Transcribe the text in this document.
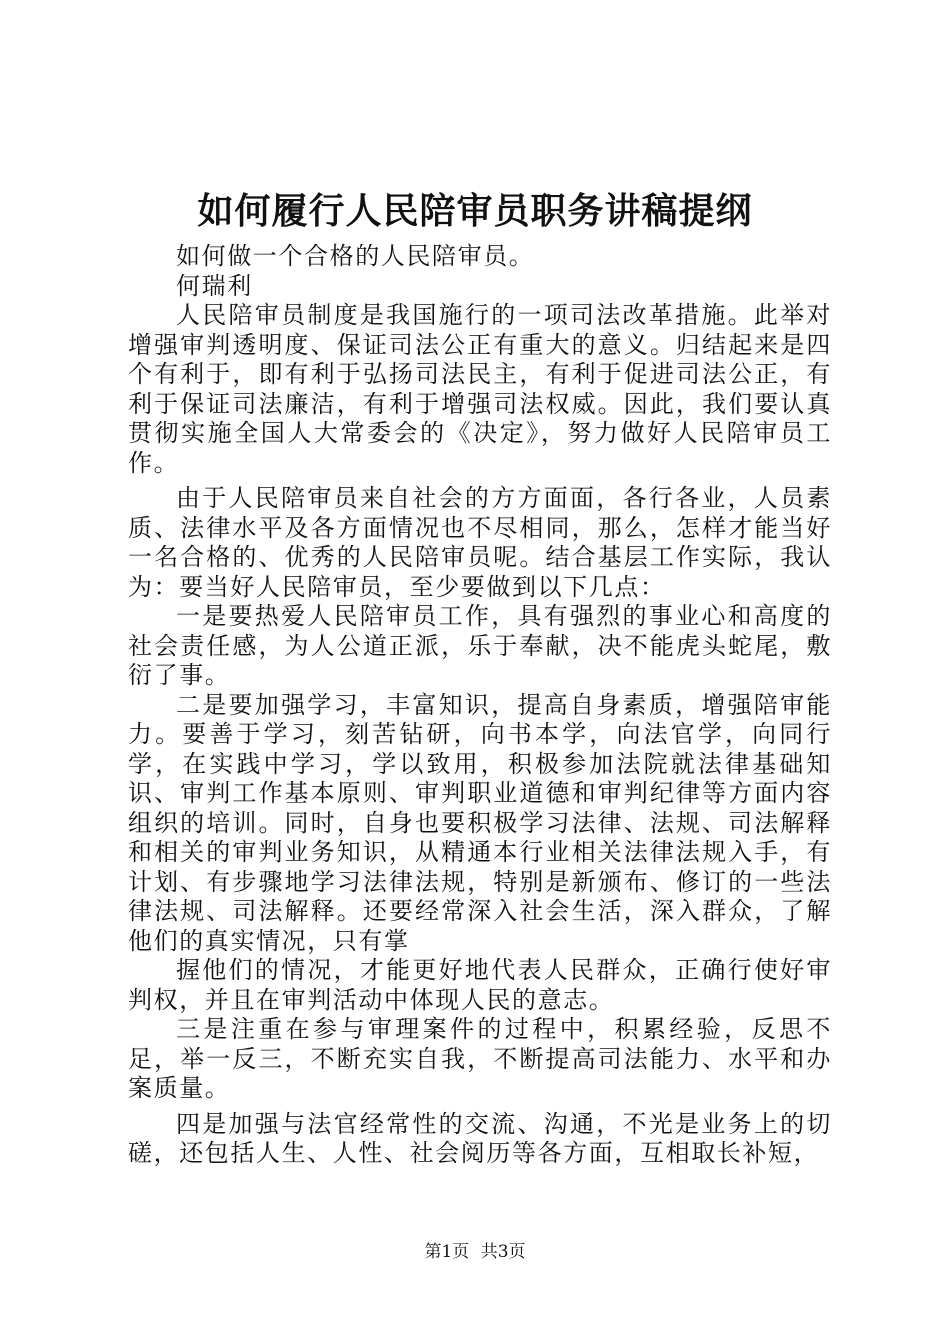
如何履行人民陪审员职务讲稿提纲

如何做一个合格的人民陪审员。

何瑞利

人民陪审员制度是我国施行的一项司法改革措施。此举对增强审判透明度、保证司法公正有重大的意义。归结起来是四个有利于，即有利于弘扬司法民主，有利于促进司法公正，有利于保证司法廉洁，有利于增强司法权威。因此，我们要认真贯彻实施全国人大常委会的《决定》，努力做好人民陪审员工作。

由于人民陪审员来自社会的方方面面，各行各业，人员素质、法律水平及各方面情况也不尽相同，那么，怎样才能当好一名合格的、优秀的人民陪审员呢。结合基层工作实际，我认为：要当好人民陪审员，至少要做到以下几点：

一是要热爱人民陪审员工作，具有强烈的事业心和高度的社会责任感，为人公道正派，乐于奉献，决不能虎头蛇尾，敷衍了事。

二是要加强学习，丰富知识，提高自身素质，增强陪审能力。要善于学习，刻苦钻研，向书本学，向法官学，向同行学，在实践中学习，学以致用，积极参加法院就法律基础知识、审判工作基本原则、审判职业道德和审判纪律等方面内容组织的培训。同时，自身也要积极学习法律、法规、司法解释和相关的审判业务知识，从精通本行业相关法律法规入手，有计划、有步骤地学习法律法规，特别是新颁布、修订的一些法律法规、司法解释。还要经常深入社会生活，深入群众，了解他们的真实情况，只有掌

握他们的情况，才能更好地代表人民群众，正确行使好审判权，并且在审判活动中体现人民的意志。

三是注重在参与审理案件的过程中，积累经验，反思不足，举一反三，不断充实自我，不断提高司法能力、水平和办案质量。

四是加强与法官经常性的交流、沟通，不光是业务上的切磋，还包括人生、人性、社会阅历等各方面，互相取长补短，

第1页 共3页
